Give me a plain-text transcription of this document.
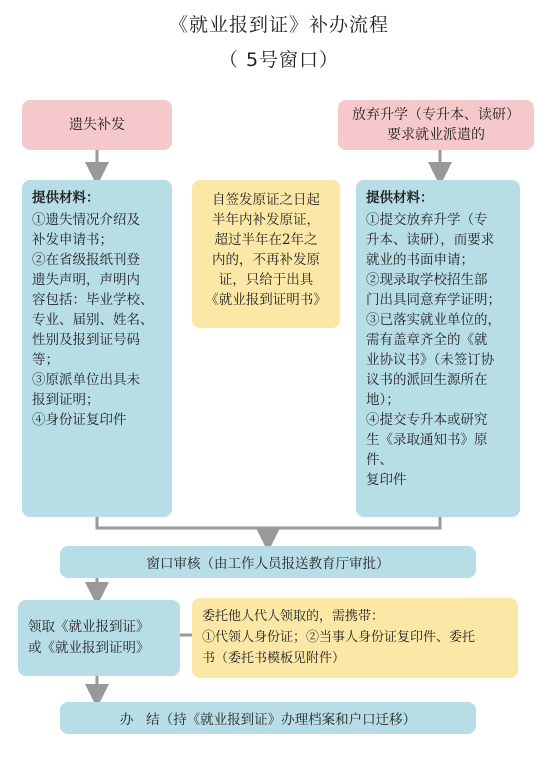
《就业报到证》补办流程
（ 5号窗口）
遗失补发
放弃升学（专升本、读研）
要求就业派遣的
提供材料：
①遗失情况介绍及
补发申请书；
②在省级报纸刊登
遗失声明，声明内
容包括：毕业学校、
专业、届别、姓名、
性别及报到证号码
等；
③原派单位出具未
报到证明；
④身份证复印件
自签发原证之日起
半年内补发原证，
超过半年在2年之
内的，不再补发原
证，只给于出具
《就业报到证明书》
提供材料：
①提交放弃升学（专
升本、读研），而要求
就业的书面申请；
②现录取学校招生部
门出具同意弃学证明；
③已落实就业单位的，
需有盖章齐全的《就
业协议书》（未签订协
议书的派回生源所在
地）；
④提交专升本或研究
生《录取通知书》原件、
复印件
窗口审核（由工作人员报送教育厅审批）
领取《就业报到证》
或《就业报到证明》
委托他人代人领取的，需携带：
①代领人身份证；②当事人身份证复印件、委托
书（委托书模板见附件）
办   结（持《就业报到证》办理档案和户口迁移）
